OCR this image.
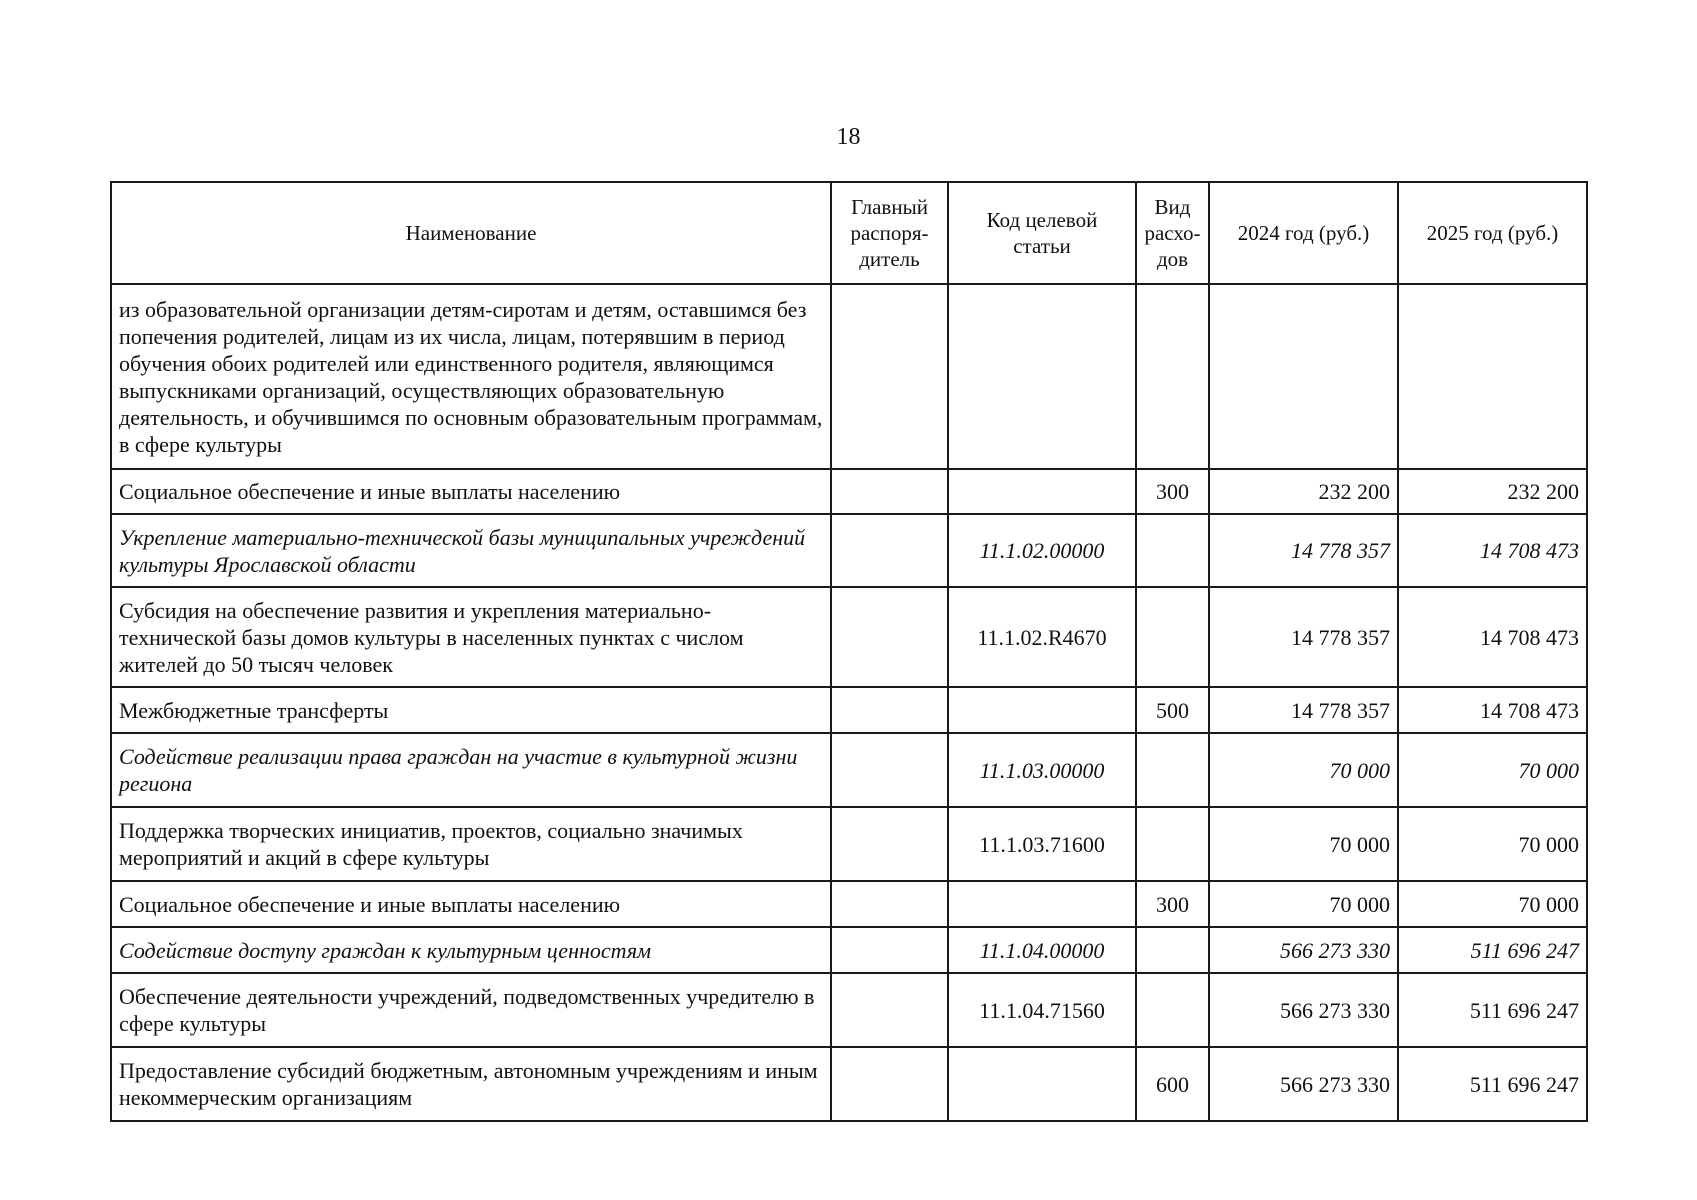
18
Наименование	Главный распоря-дитель	Код целевой статьи	Вид расхо-дов	2024 год (руб.)	2025 год (руб.)
из образовательной организации детям-сиротам и детям, оставшимся без попечения родителей, лицам из их числа, лицам, потерявшим в период обучения обоих родителей или единственного родителя, являющимся выпускниками организаций, осуществляющих образовательную деятельность, и обучившимся по основным образовательным программам, в сфере культуры					
Социальное обеспечение и иные выплаты населению			300	232 200	232 200
Укрепление материально-технической базы муниципальных учреждений культуры Ярославской области		11.1.02.00000		14 778 357	14 708 473
Субсидия на обеспечение развития и укрепления материально-технической базы домов культуры в населенных пунктах с числом жителей до 50 тысяч человек		11.1.02.R4670		14 778 357	14 708 473
Межбюджетные трансферты			500	14 778 357	14 708 473
Содействие реализации права граждан на участие в культурной жизни региона		11.1.03.00000		70 000	70 000
Поддержка творческих инициатив, проектов, социально значимых мероприятий и акций в сфере культуры		11.1.03.71600		70 000	70 000
Социальное обеспечение и иные выплаты населению			300	70 000	70 000
Содействие доступу граждан к культурным ценностям		11.1.04.00000		566 273 330	511 696 247
Обеспечение деятельности учреждений, подведомственных учредителю в сфере культуры		11.1.04.71560		566 273 330	511 696 247
Предоставление субсидий бюджетным, автономным учреждениям и иным некоммерческим организациям			600	566 273 330	511 696 247
